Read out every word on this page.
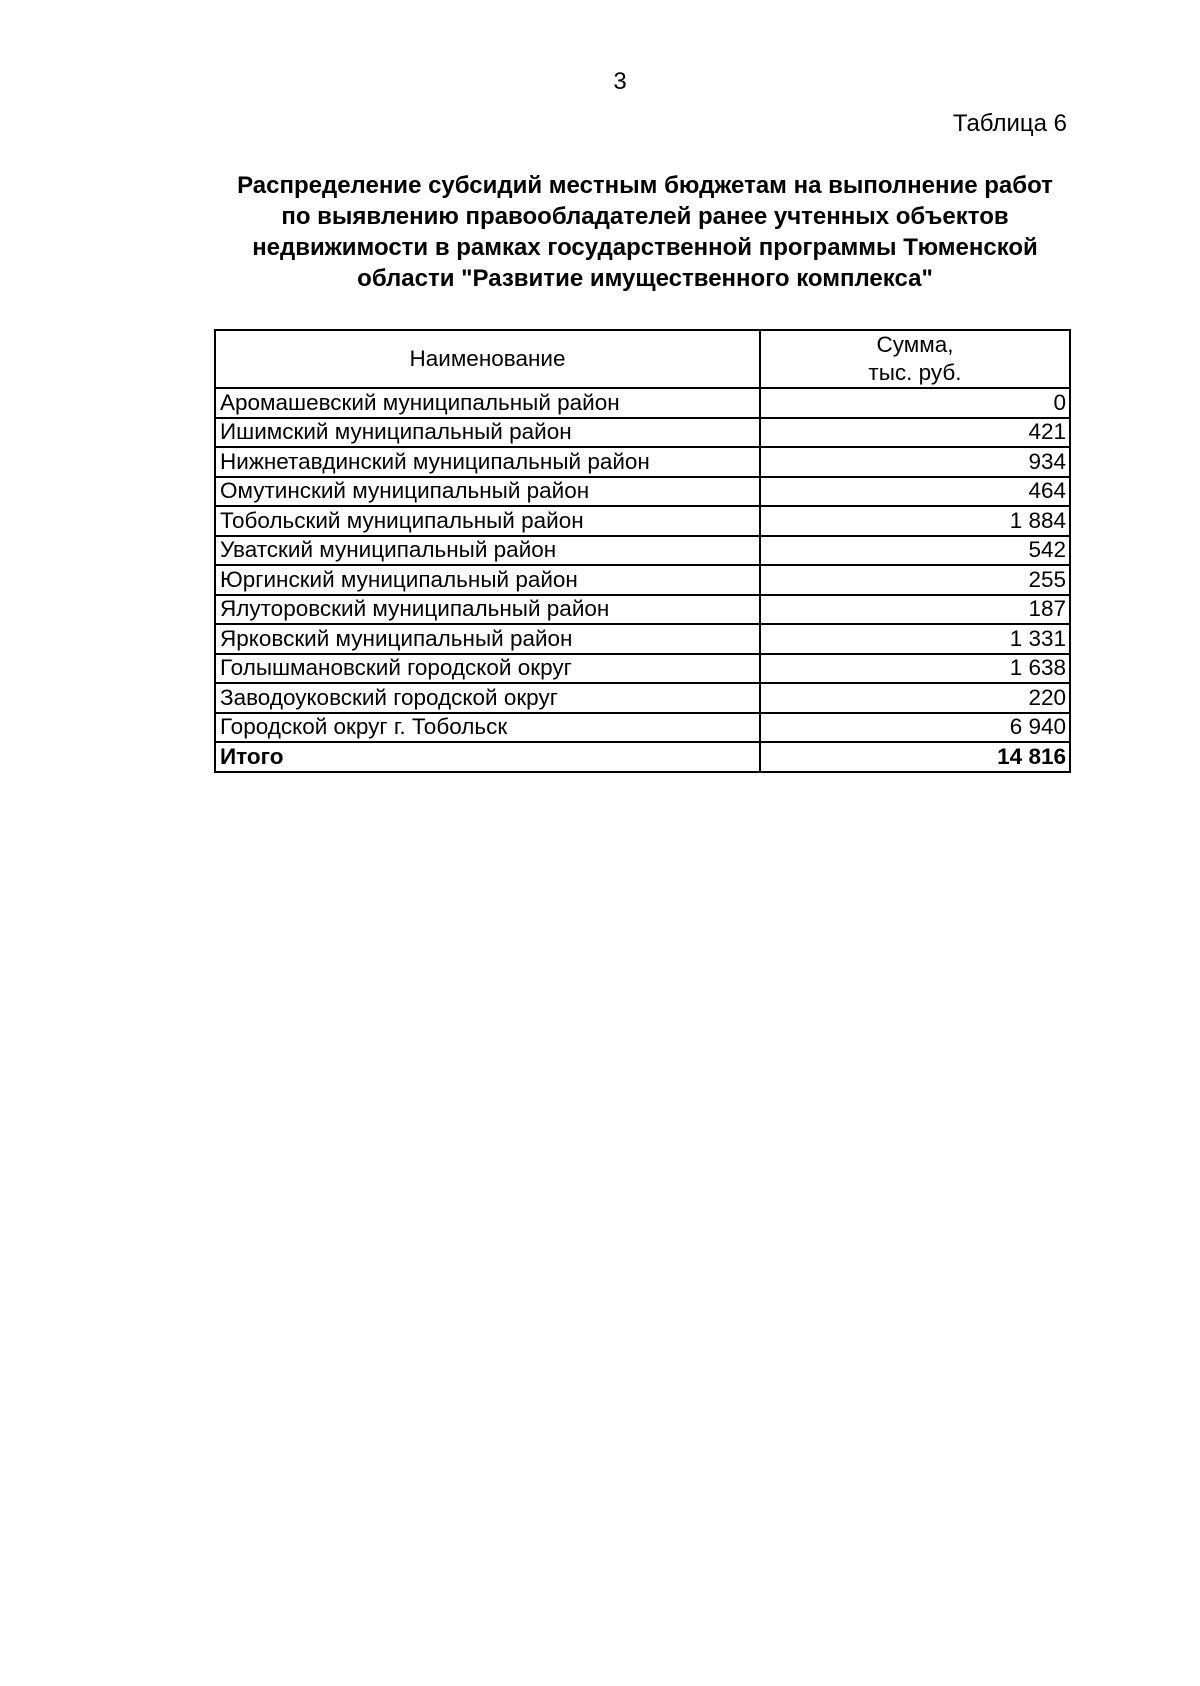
3
Таблица 6
Распределение субсидий местным бюджетам на выполнение работ
по выявлению правообладателей ранее учтенных объектов
недвижимости в рамках государственной программы Тюменской
области "Развитие имущественного комплекса"
Наименование	Сумма,
тыс. руб.
Аромашевский муниципальный район	0
Ишимский муниципальный район	421
Нижнетавдинский муниципальный район	934
Омутинский муниципальный район	464
Тобольский муниципальный район	1 884
Уватский муниципальный район	542
Юргинский муниципальный район	255
Ялуторовский муниципальный район	187
Ярковский муниципальный район	1 331
Голышмановский городской округ	1 638
Заводоуковский городской округ	220
Городской округ г. Тобольск	6 940
Итого	14 816
